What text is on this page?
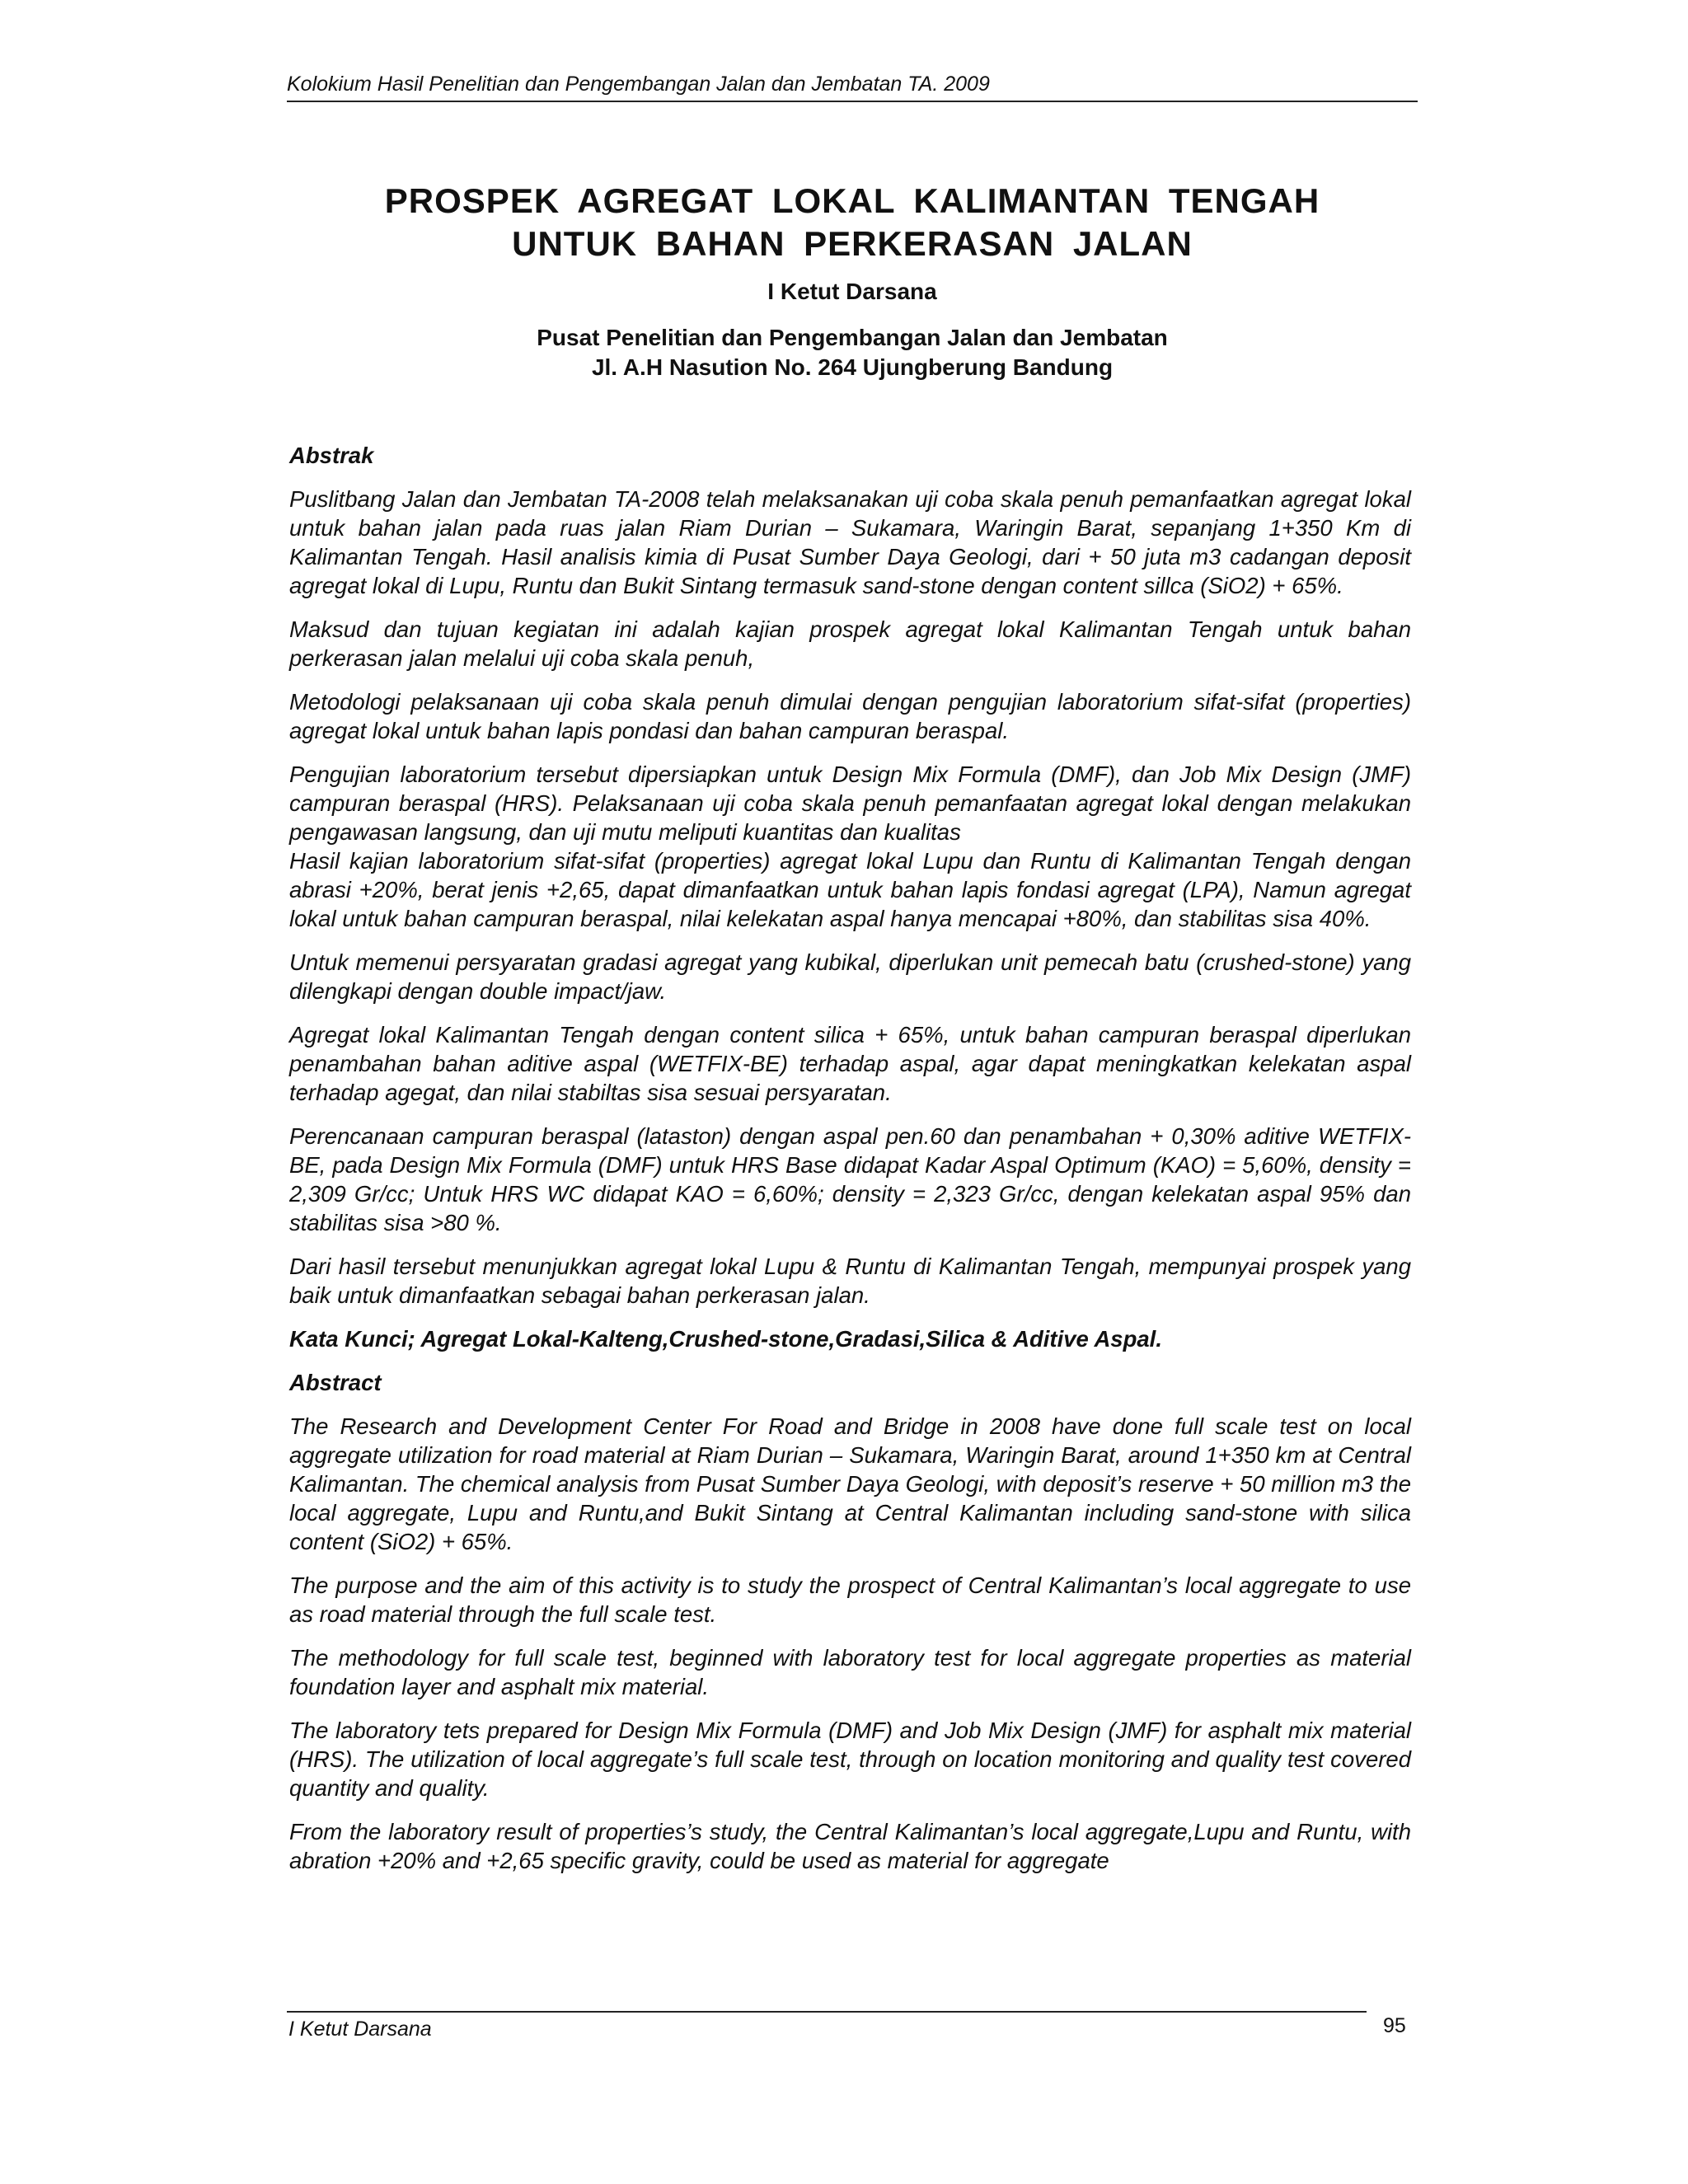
Kolokium Hasil Penelitian dan Pengembangan Jalan dan Jembatan TA. 2009
PROSPEK AGREGAT LOKAL KALIMANTAN TENGAH
UNTUK BAHAN PERKERASAN JALAN
I Ketut Darsana
Pusat Penelitian dan Pengembangan Jalan dan Jembatan
Jl. A.H Nasution No. 264 Ujungberung Bandung
Abstrak

Puslitbang Jalan dan Jembatan TA-2008 telah melaksanakan uji coba skala penuh pemanfaatkan agregat lokal untuk bahan jalan pada ruas jalan Riam Durian – Sukamara, Waringin Barat, sepanjang 1+350 Km di Kalimantan Tengah. Hasil analisis kimia di Pusat Sumber Daya Geologi, dari + 50 juta m3 cadangan deposit agregat lokal di Lupu, Runtu dan Bukit Sintang termasuk sand-stone dengan content sillca (SiO2) + 65%.

Maksud dan tujuan kegiatan ini adalah kajian prospek agregat lokal Kalimantan Tengah untuk bahan perkerasan jalan melalui uji coba skala penuh,

Metodologi pelaksanaan uji coba skala penuh dimulai dengan pengujian laboratorium sifat-sifat (properties) agregat lokal untuk bahan lapis pondasi dan bahan campuran beraspal.

Pengujian laboratorium tersebut dipersiapkan untuk Design Mix Formula (DMF), dan Job Mix Design (JMF) campuran beraspal (HRS). Pelaksanaan uji coba skala penuh pemanfaatan agregat lokal dengan melakukan pengawasan langsung, dan uji mutu meliputi kuantitas dan kualitas

Hasil kajian laboratorium sifat-sifat (properties) agregat lokal Lupu dan Runtu di Kalimantan Tengah dengan abrasi +20%, berat jenis +2,65, dapat dimanfaatkan untuk bahan lapis fondasi agregat (LPA), Namun agregat lokal untuk bahan campuran beraspal, nilai kelekatan aspal hanya mencapai +80%, dan stabilitas sisa 40%.

Untuk memenui persyaratan gradasi agregat yang kubikal, diperlukan unit pemecah batu (crushed-stone) yang dilengkapi dengan double impact/jaw.

Agregat lokal Kalimantan Tengah dengan content silica + 65%, untuk bahan campuran beraspal diperlukan penambahan bahan aditive aspal (WETFIX-BE) terhadap aspal, agar dapat meningkatkan kelekatan aspal terhadap agegat, dan nilai stabiltas sisa sesuai persyaratan.

Perencanaan campuran beraspal (lataston) dengan aspal pen.60 dan penambahan + 0,30% aditive WETFIX-BE, pada Design Mix Formula (DMF) untuk HRS Base didapat Kadar Aspal Optimum (KAO) = 5,60%, density = 2,309 Gr/cc; Untuk HRS WC didapat KAO = 6,60%; density = 2,323 Gr/cc, dengan kelekatan aspal 95% dan stabilitas sisa >80 %.

Dari hasil tersebut menunjukkan agregat lokal Lupu & Runtu di Kalimantan Tengah, mempunyai prospek yang baik untuk dimanfaatkan sebagai bahan perkerasan jalan.

Kata Kunci; Agregat Lokal-Kalteng,Crushed-stone,Gradasi,Silica & Aditive Aspal.
Abstract

The Research and Development Center For Road and Bridge in 2008 have done full scale test on local aggregate utilization for road material at Riam Durian – Sukamara, Waringin Barat, around 1+350 km at Central Kalimantan. The chemical analysis from Pusat Sumber Daya Geologi, with deposit’s reserve + 50 million m3 the local aggregate, Lupu and Runtu,and Bukit Sintang at Central Kalimantan including sand-stone with silica content (SiO2) + 65%.

The purpose and the aim of this activity is to study the prospect of Central Kalimantan’s local aggregate to use as road material through the full scale test.

The methodology for full scale test, beginned with laboratory test for local aggregate properties as material foundation layer and asphalt mix material.

The laboratory tets prepared for Design Mix Formula (DMF) and Job Mix Design (JMF) for asphalt mix material (HRS). The utilization of local aggregate’s full scale test, through on location monitoring and quality test covered quantity and quality.

From the laboratory result of properties’s study, the Central Kalimantan’s local aggregate,Lupu and Runtu, with abration +20% and +2,65 specific gravity, could be used as material for aggregate

I Ketut Darsana	95
